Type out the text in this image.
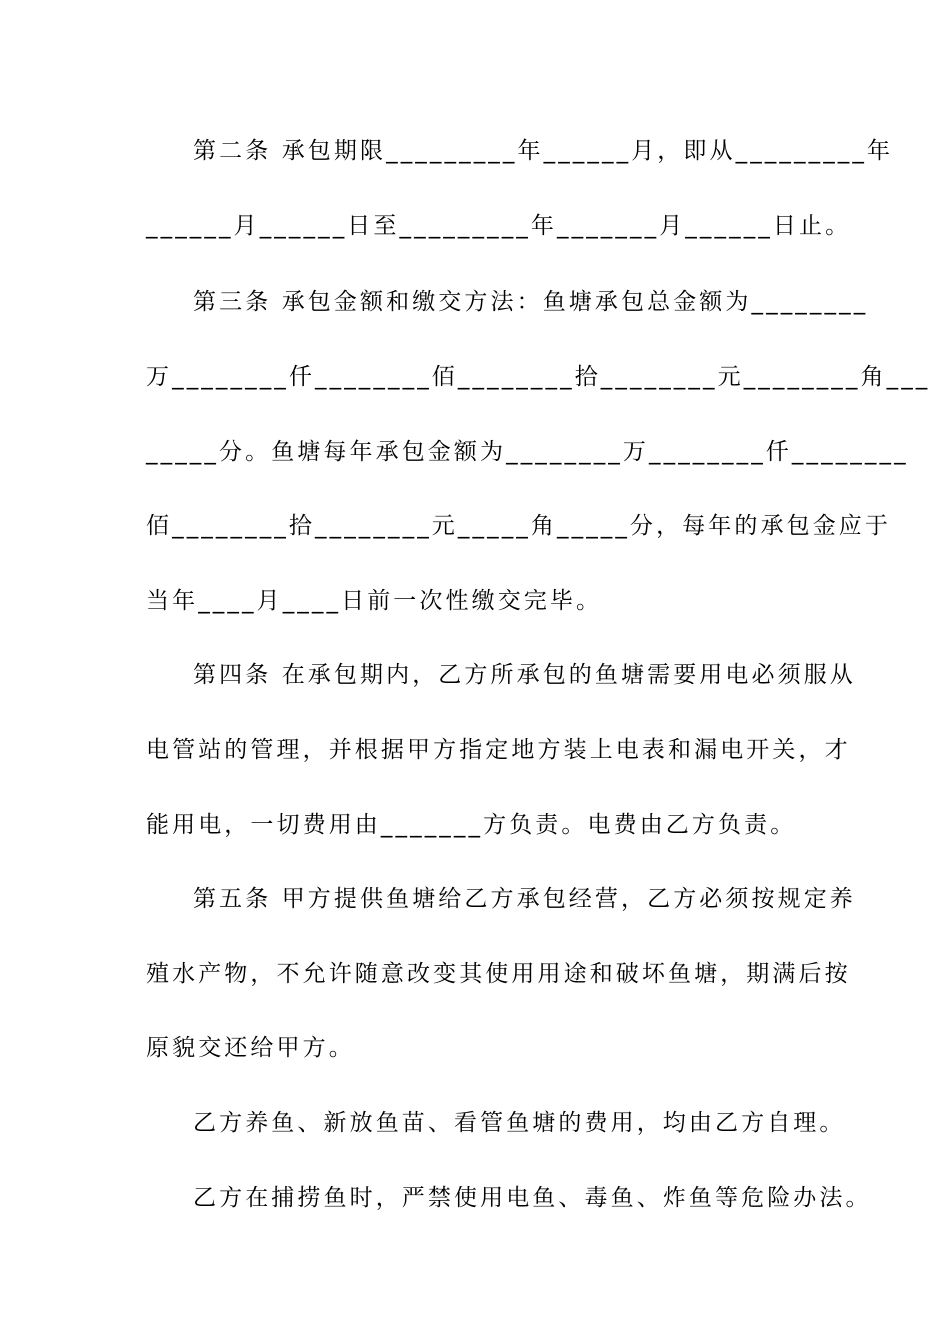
第二条 承包期限_________年______月，即从_________年
______月______日至_________年_______月______日止。
第三条 承包金额和缴交方法：鱼塘承包总金额为________
万________仟________佰________拾________元________角___
_____分。鱼塘每年承包金额为________万________仟________
佰________拾________元_____角_____分，每年的承包金应于
当年____月____日前一次性缴交完毕。
第四条 在承包期内，乙方所承包的鱼塘需要用电必须服从
电管站的管理，并根据甲方指定地方装上电表和漏电开关，才
能用电，一切费用由_______方负责。电费由乙方负责。
第五条 甲方提供鱼塘给乙方承包经营，乙方必须按规定养
殖水产物，不允许随意改变其使用用途和破坏鱼塘，期满后按
原貌交还给甲方。
乙方养鱼、新放鱼苗、看管鱼塘的费用，均由乙方自理。
乙方在捕捞鱼时，严禁使用电鱼、毒鱼、炸鱼等危险办法。
